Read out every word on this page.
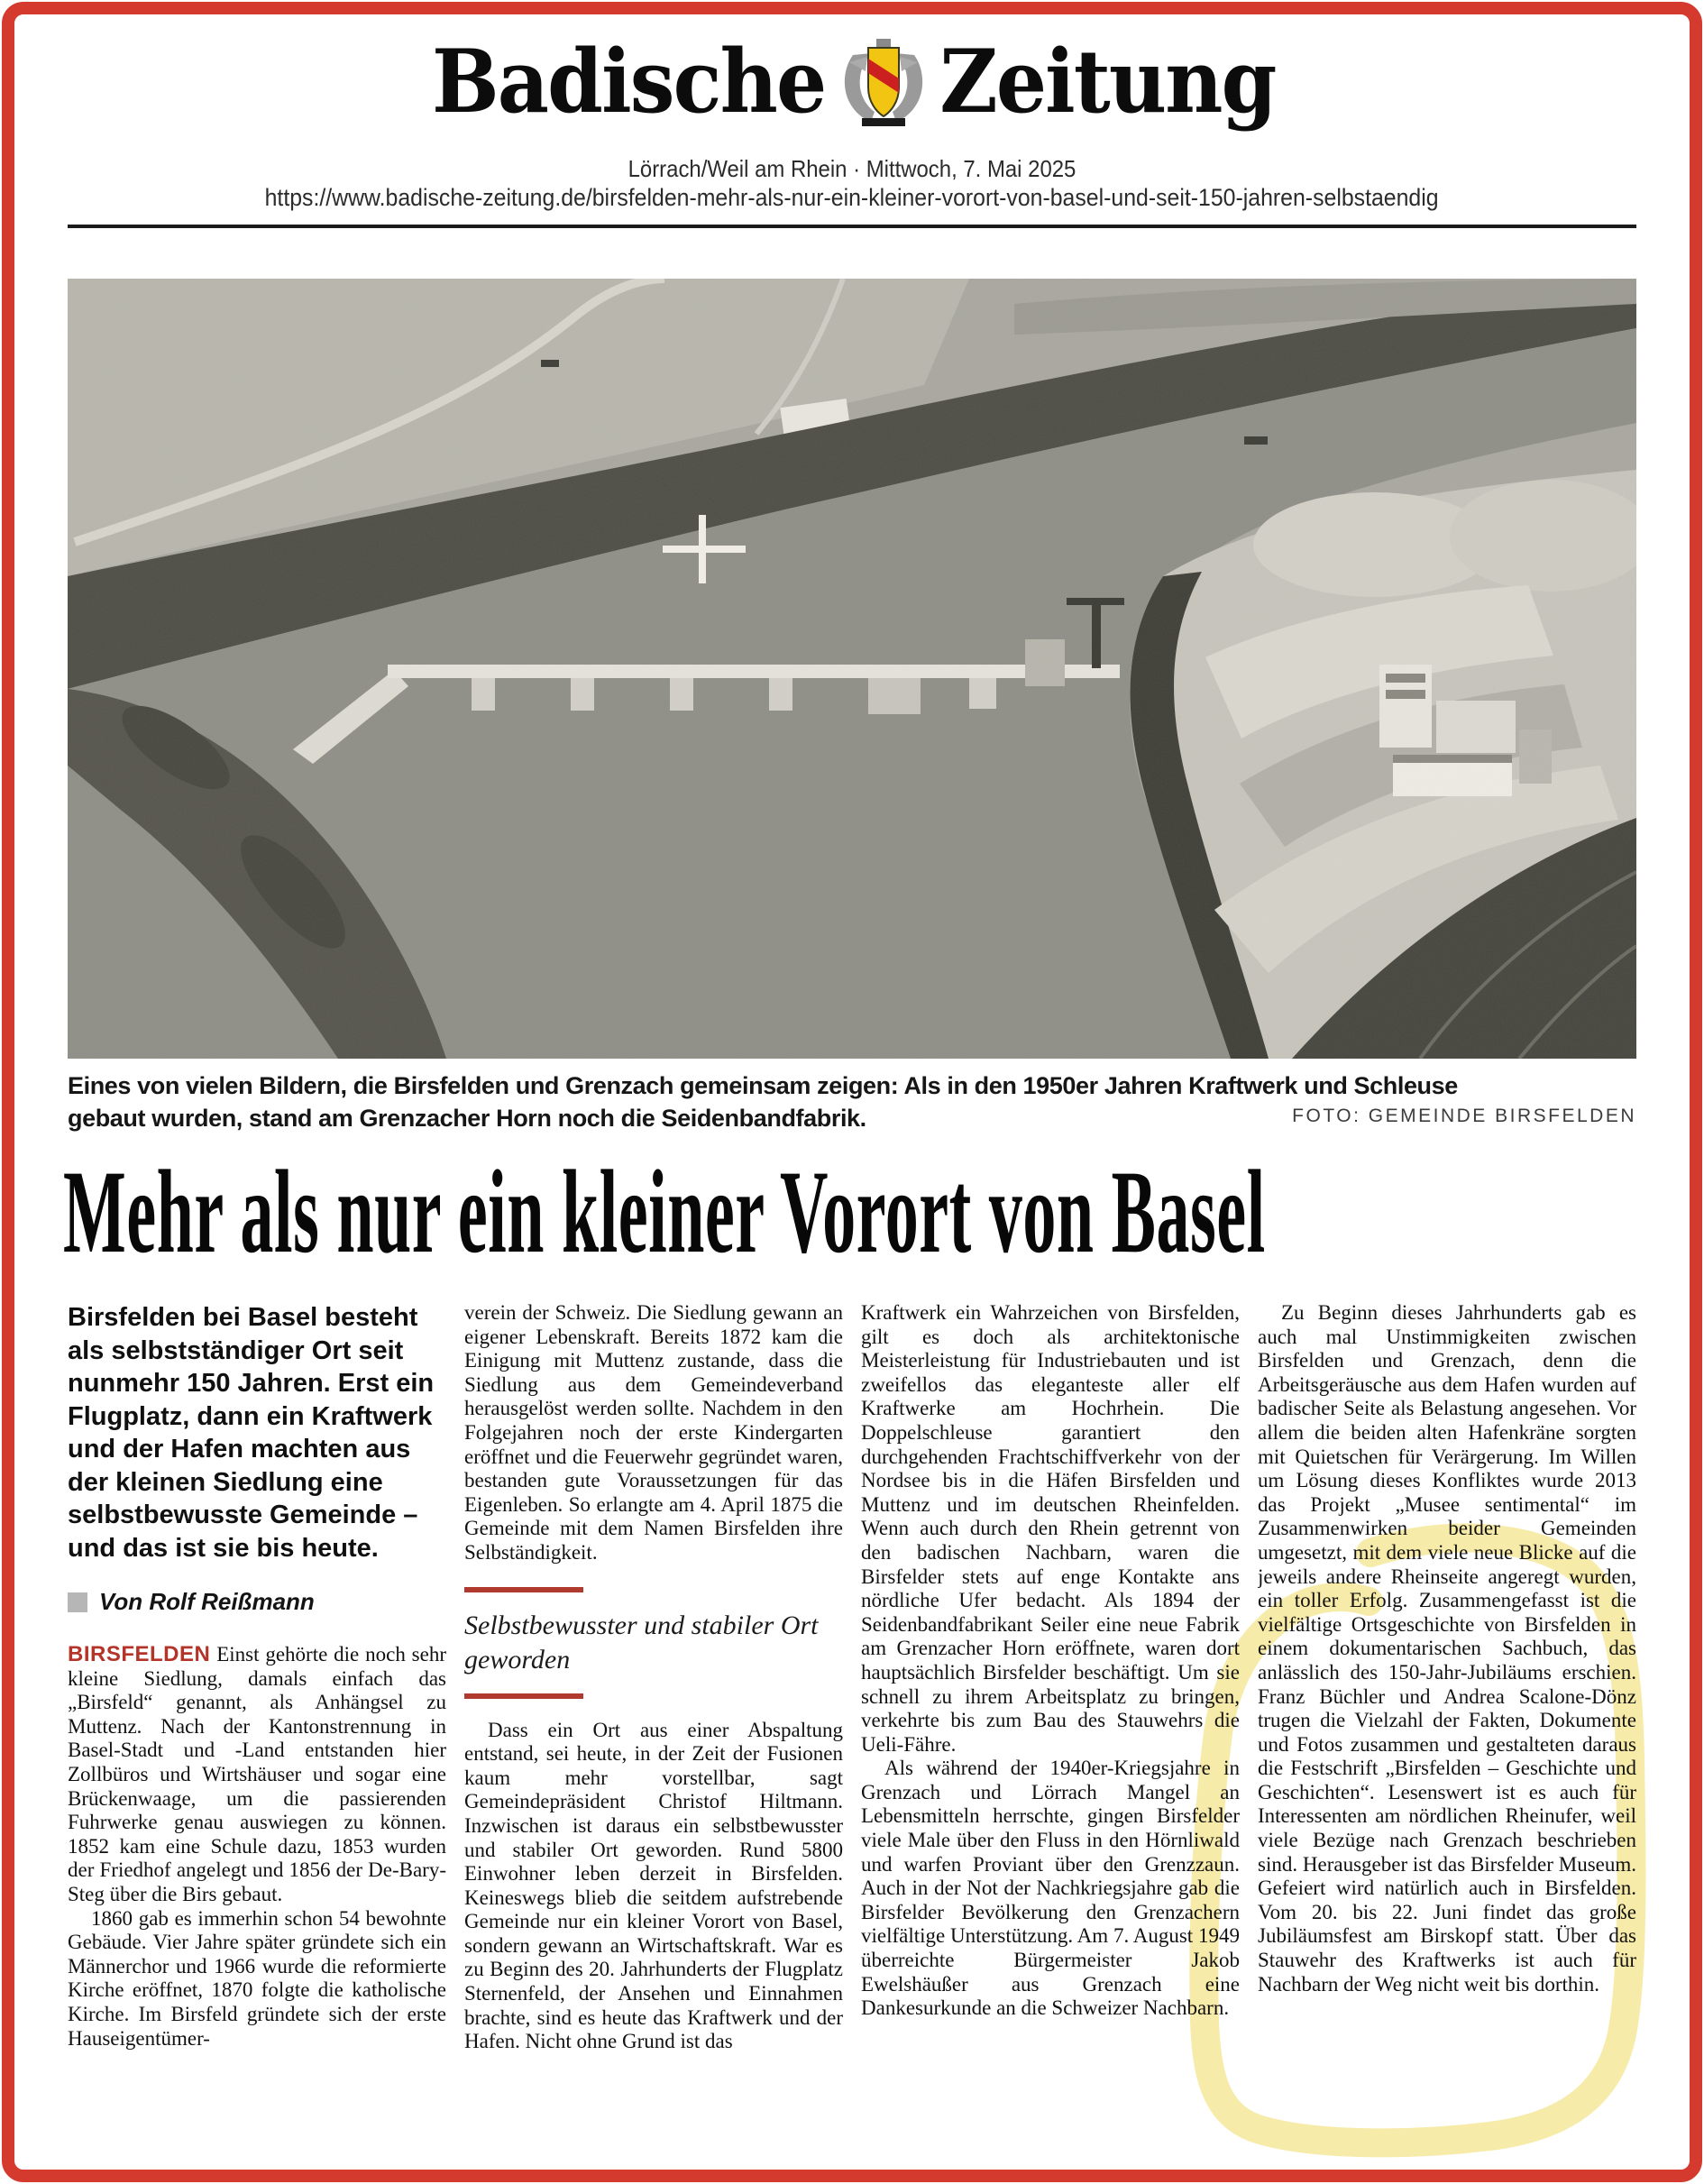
Badische Zeitung
Lörrach/Weil am Rhein · Mittwoch, 7. Mai 2025
https://www.badische-zeitung.de/birsfelden-mehr-als-nur-ein-kleiner-vorort-von-basel-und-seit-150-jahren-selbstaendig

Eines von vielen Bildern, die Birsfelden und Grenzach gemeinsam zeigen: Als in den 1950er Jahren Kraftwerk und Schleuse gebaut wurden, stand am Grenzacher Horn noch die Seidenbandfabrik.	FOTO: GEMEINDE BIRSFELDEN
Mehr als nur ein kleiner Vorort von Basel

Birsfelden bei Basel besteht als selbstständiger Ort seit nunmehr 150 Jahren. Erst ein Flugplatz, dann ein Kraftwerk und der Hafen machten aus der kleinen Siedlung eine selbstbewusste Gemeinde – und das ist sie bis heute.

Von Rolf Reißmann

BIRSFELDEN Einst gehörte die noch sehr kleine Siedlung, damals einfach das „Birsfeld“ genannt, als Anhängsel zu Muttenz. Nach der Kantonstrennung in Basel-Stadt und -Land entstanden hier Zollbüros und Wirtshäuser und sogar eine Brückenwaage, um die passierenden Fuhrwerke genau auswiegen zu können. 1852 kam eine Schule dazu, 1853 wurden der Friedhof angelegt und 1856 der De-Bary-Steg über die Birs gebaut.

1860 gab es immerhin schon 54 bewohnte Gebäude. Vier Jahre später gründete sich ein Männerchor und 1966 wurde die reformierte Kirche eröffnet, 1870 folgte die katholische Kirche. Im Birsfeld gründete sich der erste Hauseigentümer-

verein der Schweiz. Die Siedlung gewann an eigener Lebenskraft. Bereits 1872 kam die Einigung mit Muttenz zustande, dass die Siedlung aus dem Gemeindeverband herausgelöst werden sollte. Nachdem in den Folgejahren noch der erste Kindergarten eröffnet und die Feuerwehr gegründet waren, bestanden gute Voraussetzungen für das Eigenleben. So erlangte am 4. April 1875 die Gemeinde mit dem Namen Birsfelden ihre Selbständigkeit.

Selbstbewusster und stabiler Ort geworden

Dass ein Ort aus einer Abspaltung entstand, sei heute, in der Zeit der Fusionen kaum mehr vorstellbar, sagt Gemeindepräsident Christof Hiltmann. Inzwischen ist daraus ein selbstbewusster und stabiler Ort geworden. Rund 5800 Einwohner leben derzeit in Birsfelden. Keineswegs blieb die seitdem aufstrebende Gemeinde nur ein kleiner Vorort von Basel, sondern gewann an Wirtschaftskraft. War es zu Beginn des 20. Jahrhunderts der Flugplatz Sternenfeld, der Ansehen und Einnahmen brachte, sind es heute das Kraftwerk und der Hafen. Nicht ohne Grund ist das

Kraftwerk ein Wahrzeichen von Birsfelden, gilt es doch als architektonische Meisterleistung für Industriebauten und ist zweifellos das eleganteste aller elf Kraftwerke am Hochrhein. Die Doppelschleuse garantiert den durchgehenden Frachtschiffverkehr von der Nordsee bis in die Häfen Birsfelden und Muttenz und im deutschen Rheinfelden. Wenn auch durch den Rhein getrennt von den badischen Nachbarn, waren die Birsfelder stets auf enge Kontakte ans nördliche Ufer bedacht. Als 1894 der Seidenbandfabrikant Seiler eine neue Fabrik am Grenzacher Horn eröffnete, waren dort hauptsächlich Birsfelder beschäftigt. Um sie schnell zu ihrem Arbeitsplatz zu bringen, verkehrte bis zum Bau des Stauwehrs die Ueli-Fähre.

Als während der 1940er-Kriegsjahre in Grenzach und Lörrach Mangel an Lebensmitteln herrschte, gingen Birsfelder viele Male über den Fluss in den Hörnliwald und warfen Proviant über den Grenzzaun. Auch in der Not der Nachkriegsjahre gab die Birsfelder Bevölkerung den Grenzachern vielfältige Unterstützung. Am 7. August 1949 überreichte Bürgermeister Jakob Ewelshäußer aus Grenzach eine Dankesurkunde an die Schweizer Nachbarn.

Zu Beginn dieses Jahrhunderts gab es auch mal Unstimmigkeiten zwischen Birsfelden und Grenzach, denn die Arbeitsgeräusche aus dem Hafen wurden auf badischer Seite als Belastung angesehen. Vor allem die beiden alten Hafenkräne sorgten mit Quietschen für Verärgerung. Im Willen um Lösung dieses Konfliktes wurde 2013 das Projekt „Musee sentimental“ im Zusammenwirken beider Gemeinden umgesetzt, mit dem viele neue Blicke auf die jeweils andere Rheinseite angeregt wurden, ein toller Erfolg. Zusammengefasst ist die vielfältige Ortsgeschichte von Birsfelden in einem dokumentarischen Sachbuch, das anlässlich des 150-Jahr-Jubiläums erschien. Franz Büchler und Andrea Scalone-Dönz trugen die Vielzahl der Fakten, Dokumente und Fotos zusammen und gestalteten daraus die Festschrift „Birsfelden – Geschichte und Geschichten“. Lesenswert ist es auch für Interessenten am nördlichen Rheinufer, weil viele Bezüge nach Grenzach beschrieben sind. Herausgeber ist das Birsfelder Museum. Gefeiert wird natürlich auch in Birsfelden. Vom 20. bis 22. Juni findet das große Jubiläumsfest am Birskopf statt. Über das Stauwehr des Kraftwerks ist auch für Nachbarn der Weg nicht weit bis dorthin.
